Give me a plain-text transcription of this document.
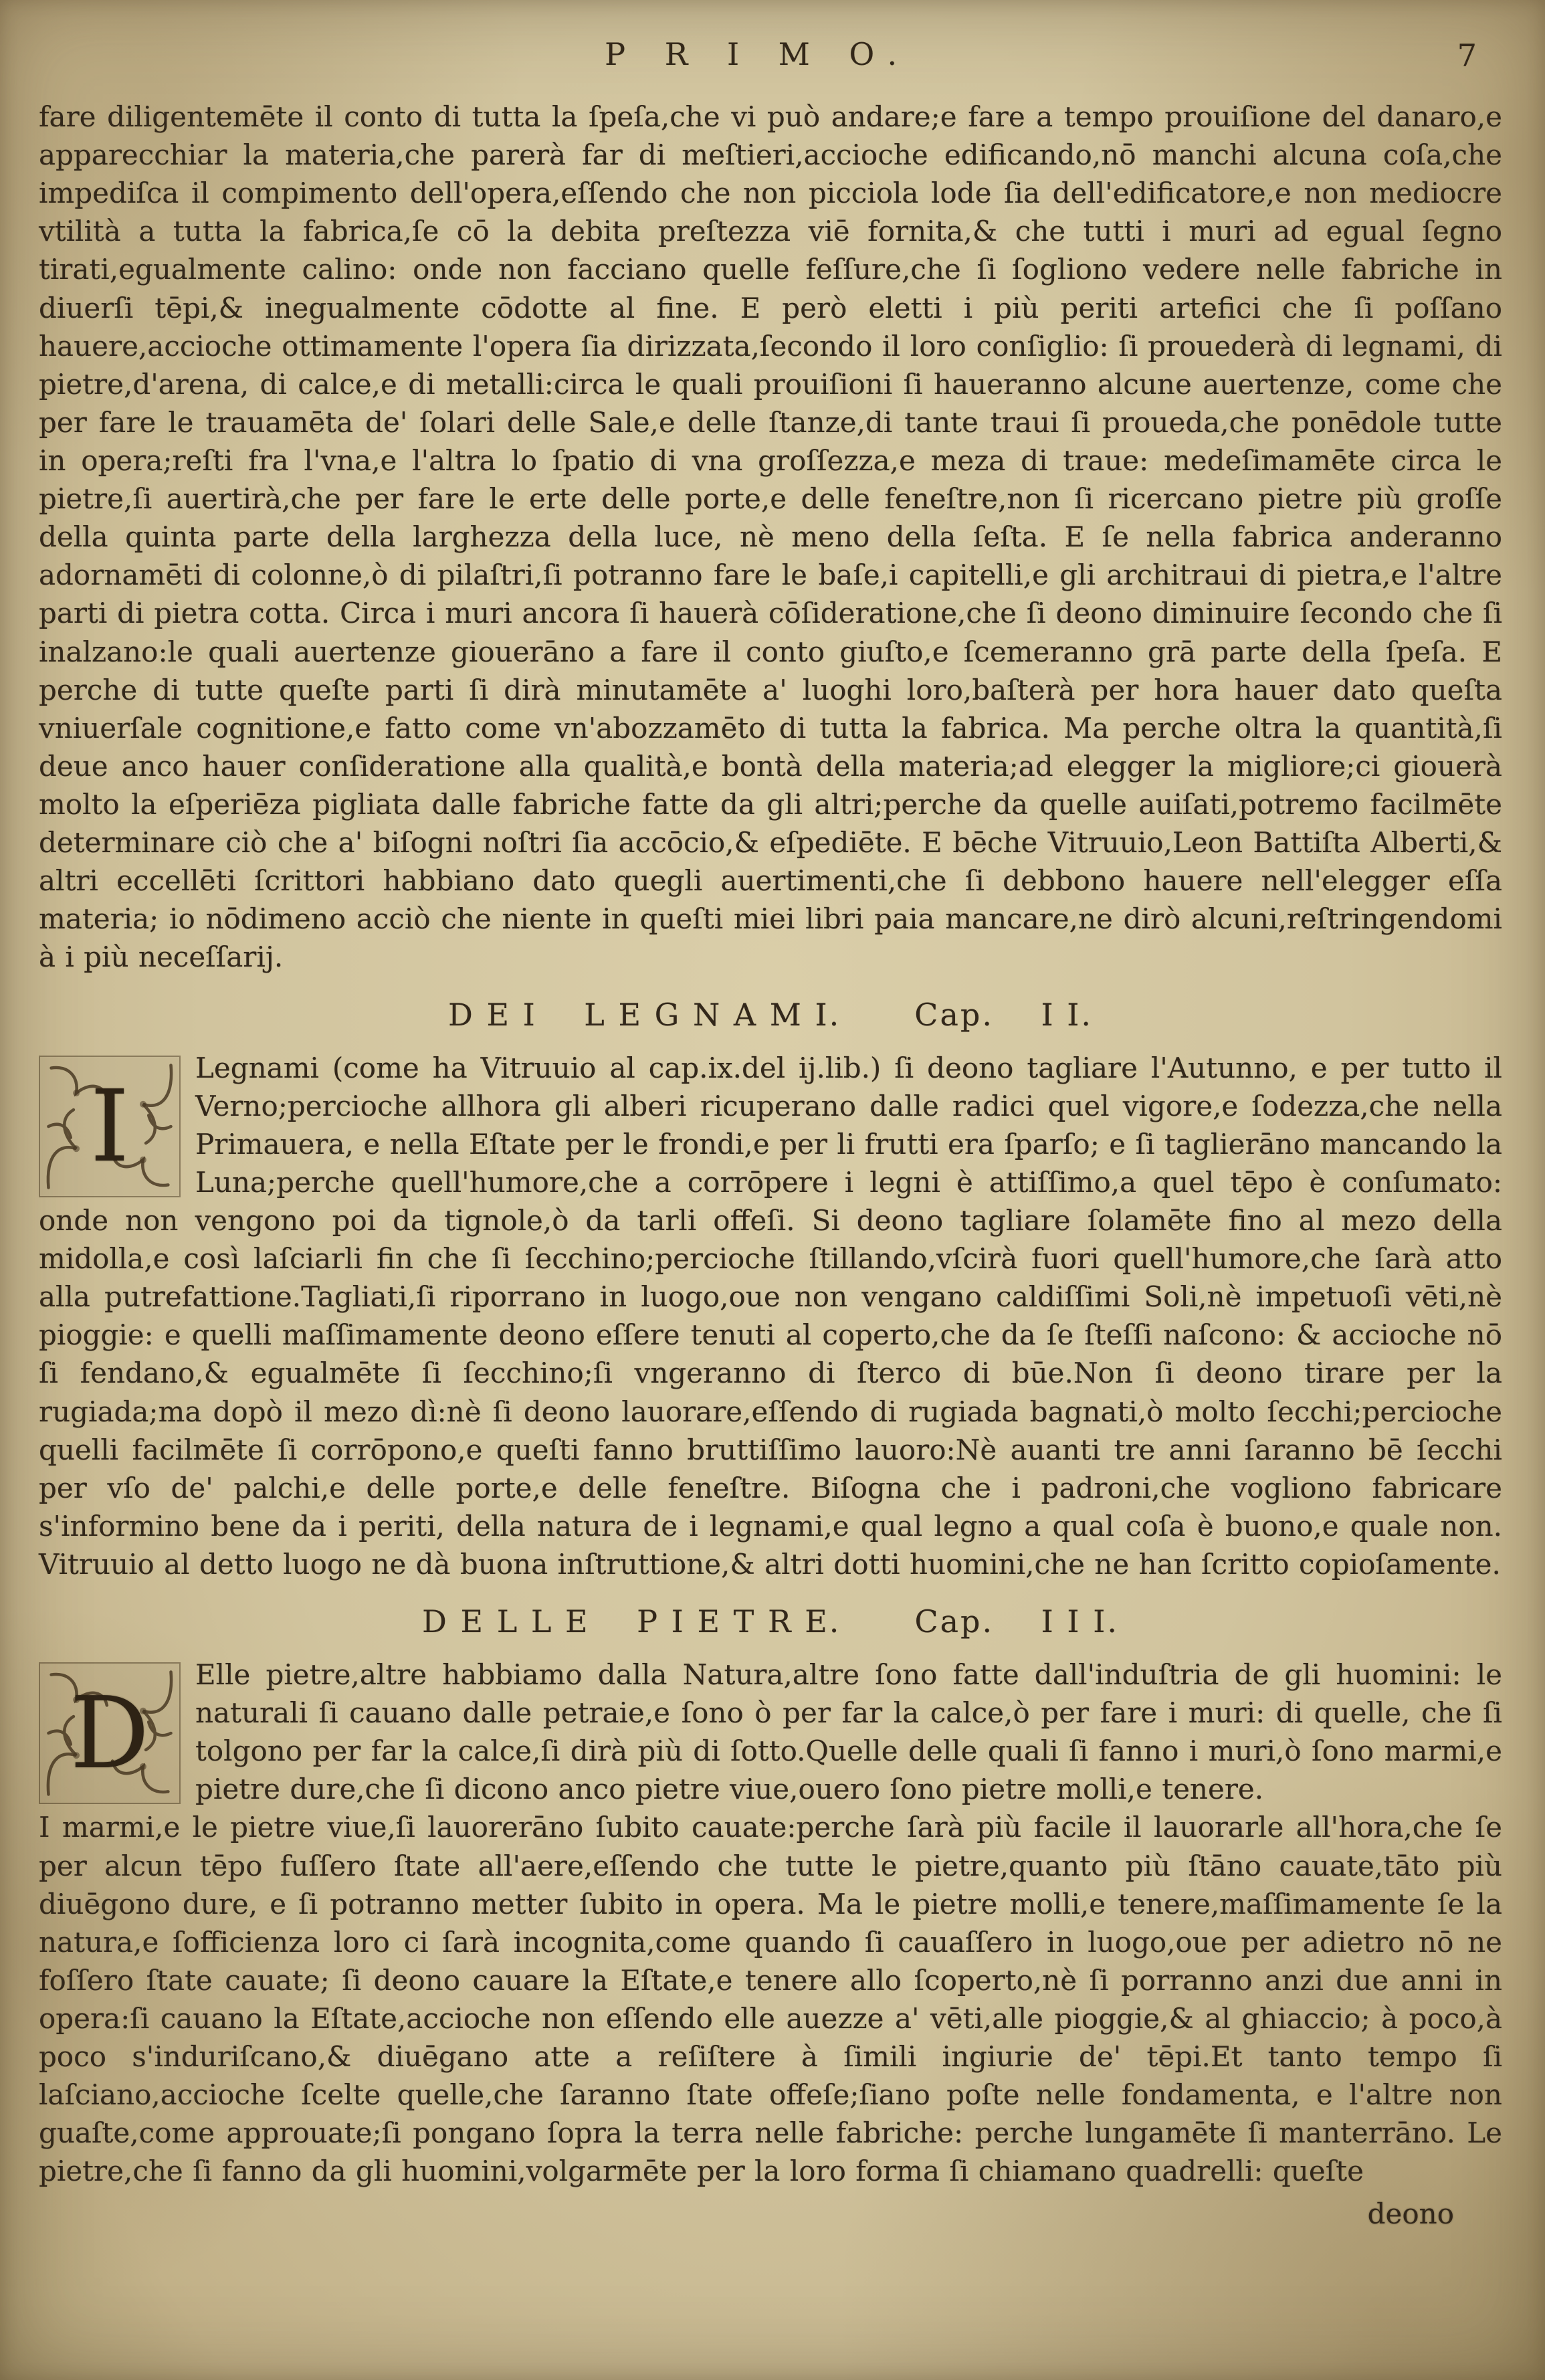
P R I M O.	7

fare diligentemēte il conto di tutta la ſpeſa,che vi può andare;e fare a tempo prouiſione del danaro,e apparecchiar la materia,che parerà far di meſtieri,accioche edificando,nō manchi alcuna coſa,che impediſca il compimento dell'opera,eſſendo che non picciola lode ſia dell'edificatore,e non mediocre vtilità a tutta la fabrica,ſe cō la debita preſtezza viē fornita,& che tutti i muri ad egual ſegno tirati,egualmente calino: onde non facciano quelle feſſure,che ſi ſogliono vedere nelle fabriche in diuerſi tēpi,& inegualmente cōdotte al fine. E però eletti i più periti artefici che ſi poſſano hauere,accioche ottimamente l'opera ſia dirizzata,ſecondo il loro conſiglio: ſi prouederà di legnami, di pietre,d'arena, di calce,e di metalli:circa le quali prouiſioni ſi haueranno alcune auertenze, come che per fare le trauamēta de' ſolari delle Sale,e delle ſtanze,di tante traui ſi proueda,che ponēdole tutte in opera;reſti fra l'vna,e l'altra lo ſpatio di vna groſſezza,e meza di traue: medeſimamēte circa le pietre,ſi auertirà,che per fare le erte delle porte,e delle feneſtre,non ſi ricercano pietre più groſſe della quinta parte della larghezza della luce, nè meno della ſeſta. E ſe nella fabrica anderanno adornamēti di colonne,ò di pilaſtri,ſi potranno fare le baſe,i capitelli,e gli architraui di pietra,e l'altre parti di pietra cotta. Circa i muri ancora ſi hauerà cōſideratione,che ſi deono diminuire ſecondo che ſi inalzano:le quali auertenze giouerāno a fare il conto giuſto,e ſcemeranno grā parte della ſpeſa. E perche di tutte queſte parti ſi dirà minutamēte a' luoghi loro,baſterà per hora hauer dato queſta vniuerſale cognitione,e fatto come vn'abozzamēto di tutta la fabrica. Ma perche oltra la quantità,ſi deue anco hauer conſideratione alla qualità,e bontà della materia;ad elegger la migliore;ci giouerà molto la eſperiēza pigliata dalle fabriche fatte da gli altri;perche da quelle auiſati,potremo facilmēte determinare ciò che a' biſogni noſtri ſia accōcio,& eſpediēte. E bēche Vitruuio,Leon Battiſta Alberti,& altri eccellēti ſcrittori habbiano dato quegli auertimenti,che ſi debbono hauere nell'elegger eſſa materia; io nōdimeno acciò che niente in queſti miei libri paia mancare,ne dirò alcuni,reſtringendomi à i più neceſſarij.

D E I    L E G N A M I. Cap.    I I.

I
Legnami (come ha Vitruuio al cap.ix.del ij.lib.) ſi deono tagliare l'Autunno, e per tutto il Verno;percioche allhora gli alberi ricuperano dalle radici quel vigore,e ſodezza,che nella Primauera, e nella Eſtate per le frondi,e per li frutti era ſparſo; e ſi taglierāno mancando la Luna;perche quell'humore,che a corrōpere i legni è attiſſimo,a quel tēpo è conſumato: onde non vengono poi da tignole,ò da tarli offeſi. Si deono tagliare ſolamēte fino al mezo della midolla,e così laſciarli fin che ſi ſecchino;percioche ſtillando,vſcirà fuori quell'humore,che ſarà atto alla putrefattione.Tagliati,ſi riporrano in luogo,oue non vengano caldiſſimi Soli,nè impetuoſi vēti,nè pioggie: e quelli maſſimamente deono eſſere tenuti al coperto,che da ſe ſteſſi naſcono: & accioche nō ſi fendano,& egualmēte ſi ſecchino;ſi vngeranno di ſterco di būe.Non ſi deono tirare per la rugiada;ma dopò il mezo dì:nè ſi deono lauorare,eſſendo di rugiada bagnati,ò molto ſecchi;percioche quelli facilmēte ſi corrōpono,e queſti fanno bruttiſſimo lauoro:Nè auanti tre anni ſaranno bē ſecchi per vſo de' palchi,e delle porte,e delle feneſtre. Biſogna che i padroni,che vogliono fabricare s'informino bene da i periti, della natura de i legnami,e qual legno a qual coſa è buono,e quale non. Vitruuio al detto luogo ne dà buona inſtruttione,& altri dotti huomini,che ne han ſcritto copioſamente.

D E L L E    P I E T R E. Cap.    I I I.

D
Elle pietre,altre habbiamo dalla Natura,altre ſono fatte dall'induſtria de gli huomini: le naturali ſi cauano dalle petraie,e ſono ò per far la calce,ò per fare i muri: di quelle, che ſi tolgono per far la calce,ſi dirà più di ſotto.Quelle delle quali ſi fanno i muri,ò ſono marmi,e pietre dure,che ſi dicono anco pietre viue,ouero ſono pietre molli,e tenere.

I marmi,e le pietre viue,ſi lauorerāno ſubito cauate:perche ſarà più facile il lauorarle all'hora,che ſe per alcun tēpo fuſſero ſtate all'aere,eſſendo che tutte le pietre,quanto più ſtāno cauate,tāto più diuēgono dure, e ſi potranno metter ſubito in opera. Ma le pietre molli,e tenere,maſſimamente ſe la natura,e ſofficienza loro ci ſarà incognita,come quando ſi cauaſſero in luogo,oue per adietro nō ne foſſero ſtate cauate; ſi deono cauare la Eſtate,e tenere allo ſcoperto,nè ſi porranno anzi due anni in opera:ſi cauano la Eſtate,accioche non eſſendo elle auezze a' vēti,alle pioggie,& al ghiaccio; à poco,à poco s'induriſcano,& diuēgano atte a reſiſtere à ſimili ingiurie de' tēpi.Et tanto tempo ſi laſciano,accioche ſcelte quelle,che ſaranno ſtate offeſe;ſiano poſte nelle fondamenta, e l'altre non guaſte,come approuate;ſi pongano ſopra la terra nelle fabriche: perche lungamēte ſi manterrāno. Le pietre,che ſi fanno da gli huomini,volgarmēte per la loro forma ſi chiamano quadrelli: queſte

deono
